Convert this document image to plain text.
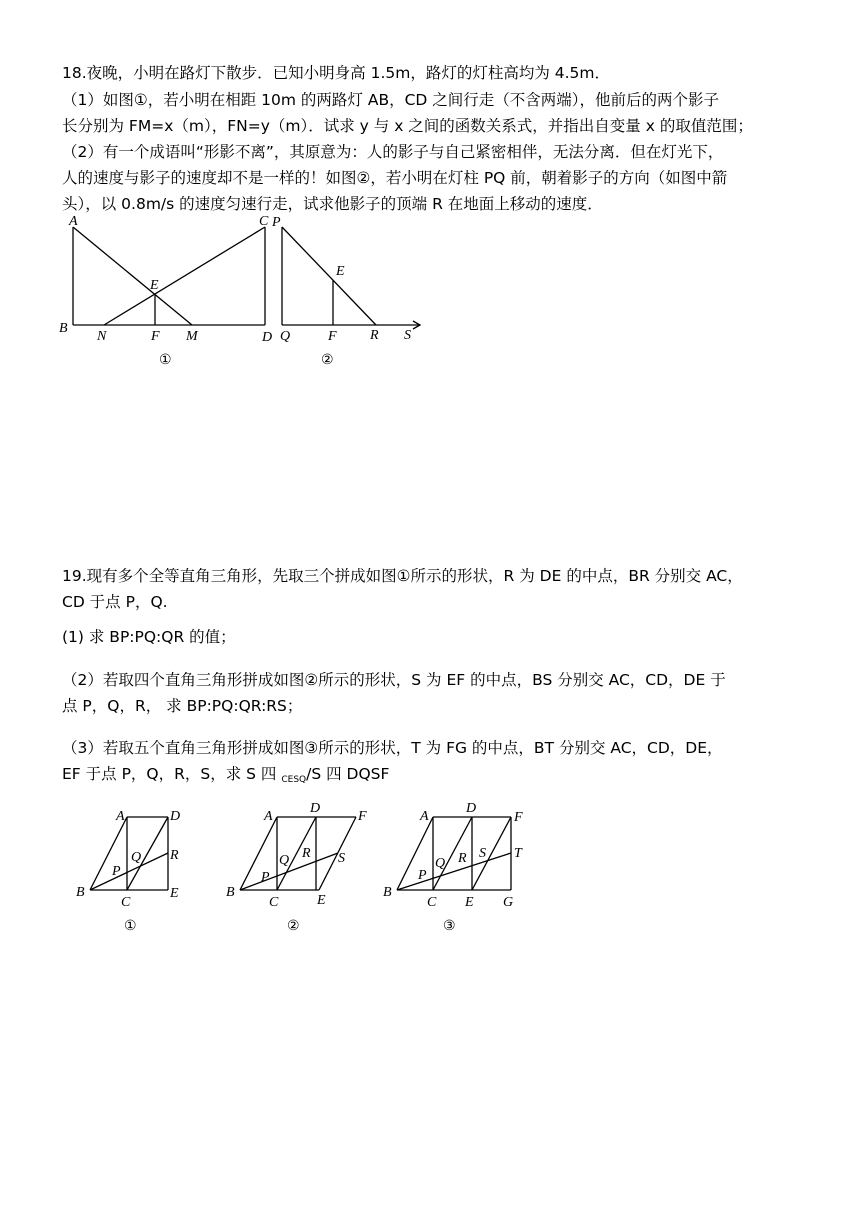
18.夜晚，小明在路灯下散步．已知小明身高 1.5m，路灯的灯柱高均为 4.5m．
（1）如图①，若小明在相距 10m 的两路灯 AB，CD 之间行走（不含两端），他前后的两个影子
长分别为 FM=x（m），FN=y（m）．试求 y 与 x 之间的函数关系式，并指出自变量 x 的取值范围；
（2）有一个成语叫“形影不离”，其原意为：人的影子与自己紧密相伴，无法分离．但在灯光下，
人的速度与影子的速度却不是一样的！如图②，若小明在灯柱 PQ 前，朝着影子的方向（如图中箭
头），以 0.8m/s 的速度匀速行走，试求他影子的顶端 R 在地面上移动的速度．
A
B
C
D
E
F
N	M
①
P
Q
E
F R S
②
19.现有多个全等直角三角形，先取三个拼成如图①所示的形状，R 为 DE 的中点，BR 分别交 AC，
CD 于点 P，Q.
(1) 求 BP:PQ:QR 的值；
（2）若取四个直角三角形拼成如图②所示的形状，S 为 EF 的中点，BS 分别交 AC，CD，DE 于
点 P，Q，R， 求 BP:PQ:QR:RS；
（3）若取五个直角三角形拼成如图③所示的形状，T 为 FG 的中点，BT 分别交 AC，CD，DE，
EF 于点 P，Q，R，S，求 S 四 $_{CESQ}$/S 四 DQSF
A	D
Q R
P
B
C
E
①
A
D
F
Q R S
P
B
C	E
②
A
D
F
Q R S T
P
B
C E G
③
